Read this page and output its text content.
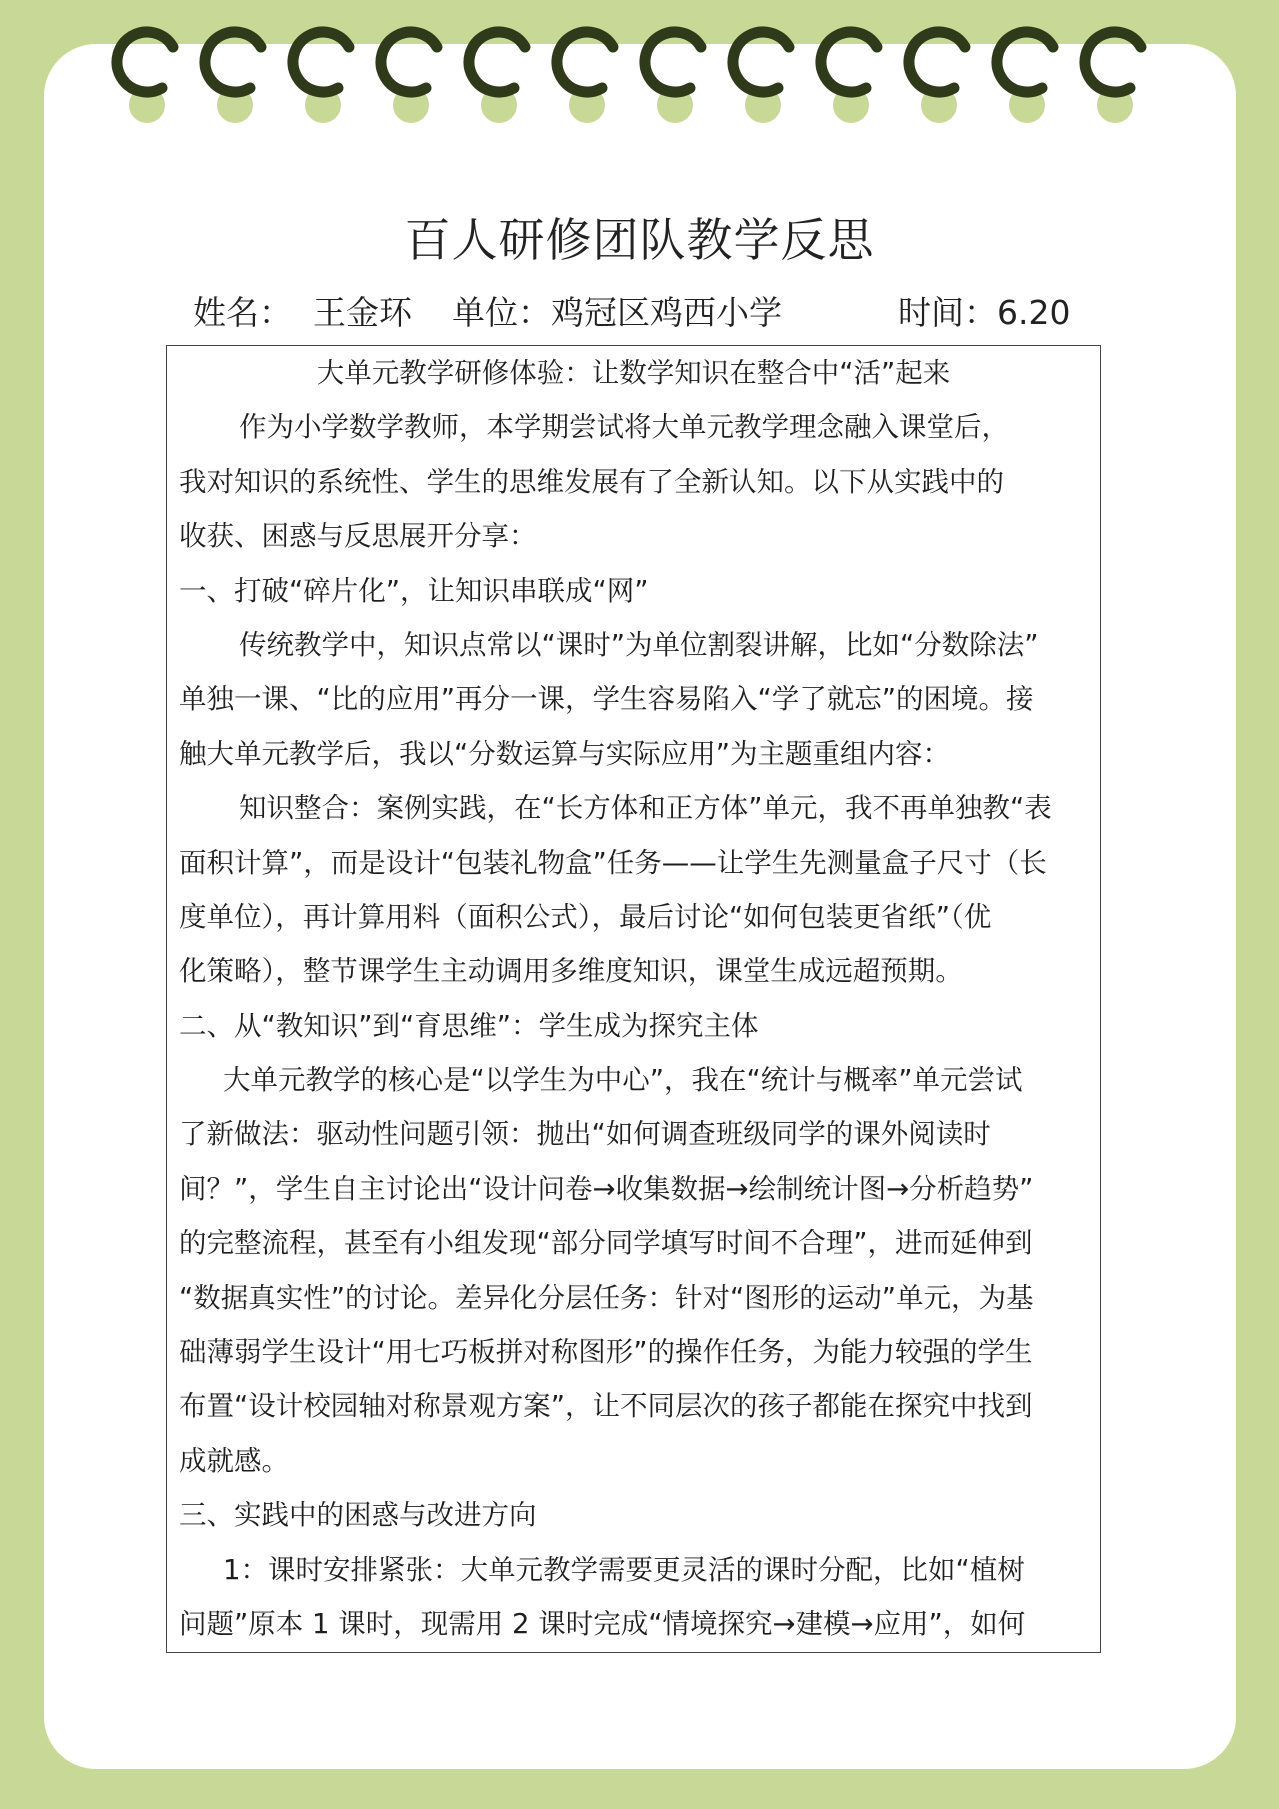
百人研修团队教学反思
姓名： 王金环 单位：鸡冠区鸡西小学	时间：6.20
大单元教学研修体验：让数学知识在整合中“活”起来
作为小学数学教师，本学期尝试将大单元教学理念融入课堂后，
我对知识的系统性、学生的思维发展有了全新认知。以下从实践中的
收获、困惑与反思展开分享：
一、打破“碎片化”，让知识串联成“网”
传统教学中，知识点常以“课时”为单位割裂讲解，比如“分数除法”
单独一课、“比的应用”再分一课，学生容易陷入“学了就忘”的困境。接
触大单元教学后，我以“分数运算与实际应用”为主题重组内容：
知识整合：案例实践，在“长方体和正方体”单元，我不再单独教“表
面积计算”，而是设计“包装礼物盒”任务——让学生先测量盒子尺寸（长
度单位），再计算用料（面积公式），最后讨论“如何包装更省纸”（优
化策略），整节课学生主动调用多维度知识，课堂生成远超预期。
二、从“教知识”到“育思维”：学生成为探究主体
大单元教学的核心是“以学生为中心”，我在“统计与概率”单元尝试
了新做法：驱动性问题引领：抛出“如何调查班级同学的课外阅读时
间？”，学生自主讨论出“设计问卷→收集数据→绘制统计图→分析趋势”
的完整流程，甚至有小组发现“部分同学填写时间不合理”，进而延伸到
“数据真实性”的讨论。差异化分层任务：针对“图形的运动”单元，为基
础薄弱学生设计“用七巧板拼对称图形”的操作任务，为能力较强的学生
布置“设计校园轴对称景观方案”，让不同层次的孩子都能在探究中找到
成就感。
三、实践中的困惑与改进方向
1：课时安排紧张：大单元教学需要更灵活的课时分配，比如“植树
问题”原本 1 课时，现需用 2 课时完成“情境探究→建模→应用”，如何
